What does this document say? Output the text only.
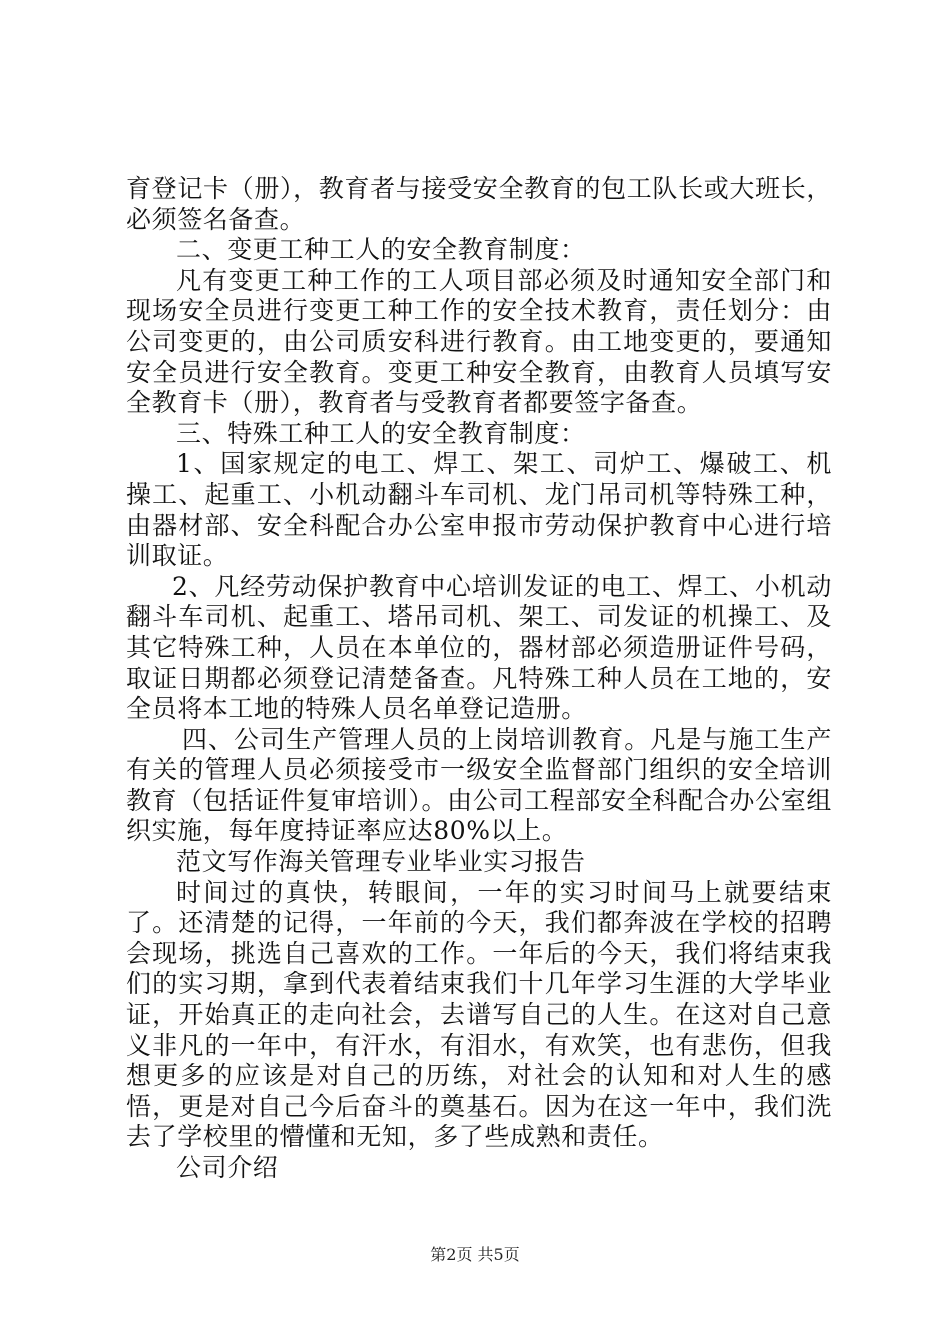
育登记卡（册），教育者与接受安全教育的包工队长或大班长，必须签名备查。

二、变更工种工人的安全教育制度：

凡有变更工种工作的工人项目部必须及时通知安全部门和现场安全员进行变更工种工作的安全技术教育，责任划分：由公司变更的，由公司质安科进行教育。由工地变更的，要通知安全员进行安全教育。变更工种安全教育，由教育人员填写安全教育卡（册），教育者与受教育者都要签字备查。

三、特殊工种工人的安全教育制度：

1、国家规定的电工、焊工、架工、司炉工、爆破工、机操工、起重工、小机动翻斗车司机、龙门吊司机等特殊工种，由器材部、安全科配合办公室申报市劳动保护教育中心进行培训取证。

2、凡经劳动保护教育中心培训发证的电工、焊工、小机动翻斗车司机、起重工、塔吊司机、架工、司发证的机操工、及其它特殊工种，人员在本单位的，器材部必须造册证件号码，取证日期都必须登记清楚备查。凡特殊工种人员在工地的，安全员将本工地的特殊人员名单登记造册。

四、公司生产管理人员的上岗培训教育。凡是与施工生产有关的管理人员必须接受市一级安全监督部门组织的安全培训教育（包括证件复审培训）。由公司工程部安全科配合办公室组织实施，每年度持证率应达80%以上。

范文写作海关管理专业毕业实习报告

时间过的真快，转眼间，一年的实习时间马上就要结束了。还清楚的记得，一年前的今天，我们都奔波在学校的招聘会现场，挑选自己喜欢的工作。一年后的今天，我们将结束我们的实习期，拿到代表着结束我们十几年学习生涯的大学毕业证，开始真正的走向社会，去谱写自己的人生。在这对自己意义非凡的一年中，有汗水，有泪水，有欢笑，也有悲伤，但我想更多的应该是对自己的历练，对社会的认知和对人生的感悟，更是对自己今后奋斗的奠基石。因为在这一年中，我们洗去了学校里的懵懂和无知，多了些成熟和责任。

公司介绍

第2页 共5页
